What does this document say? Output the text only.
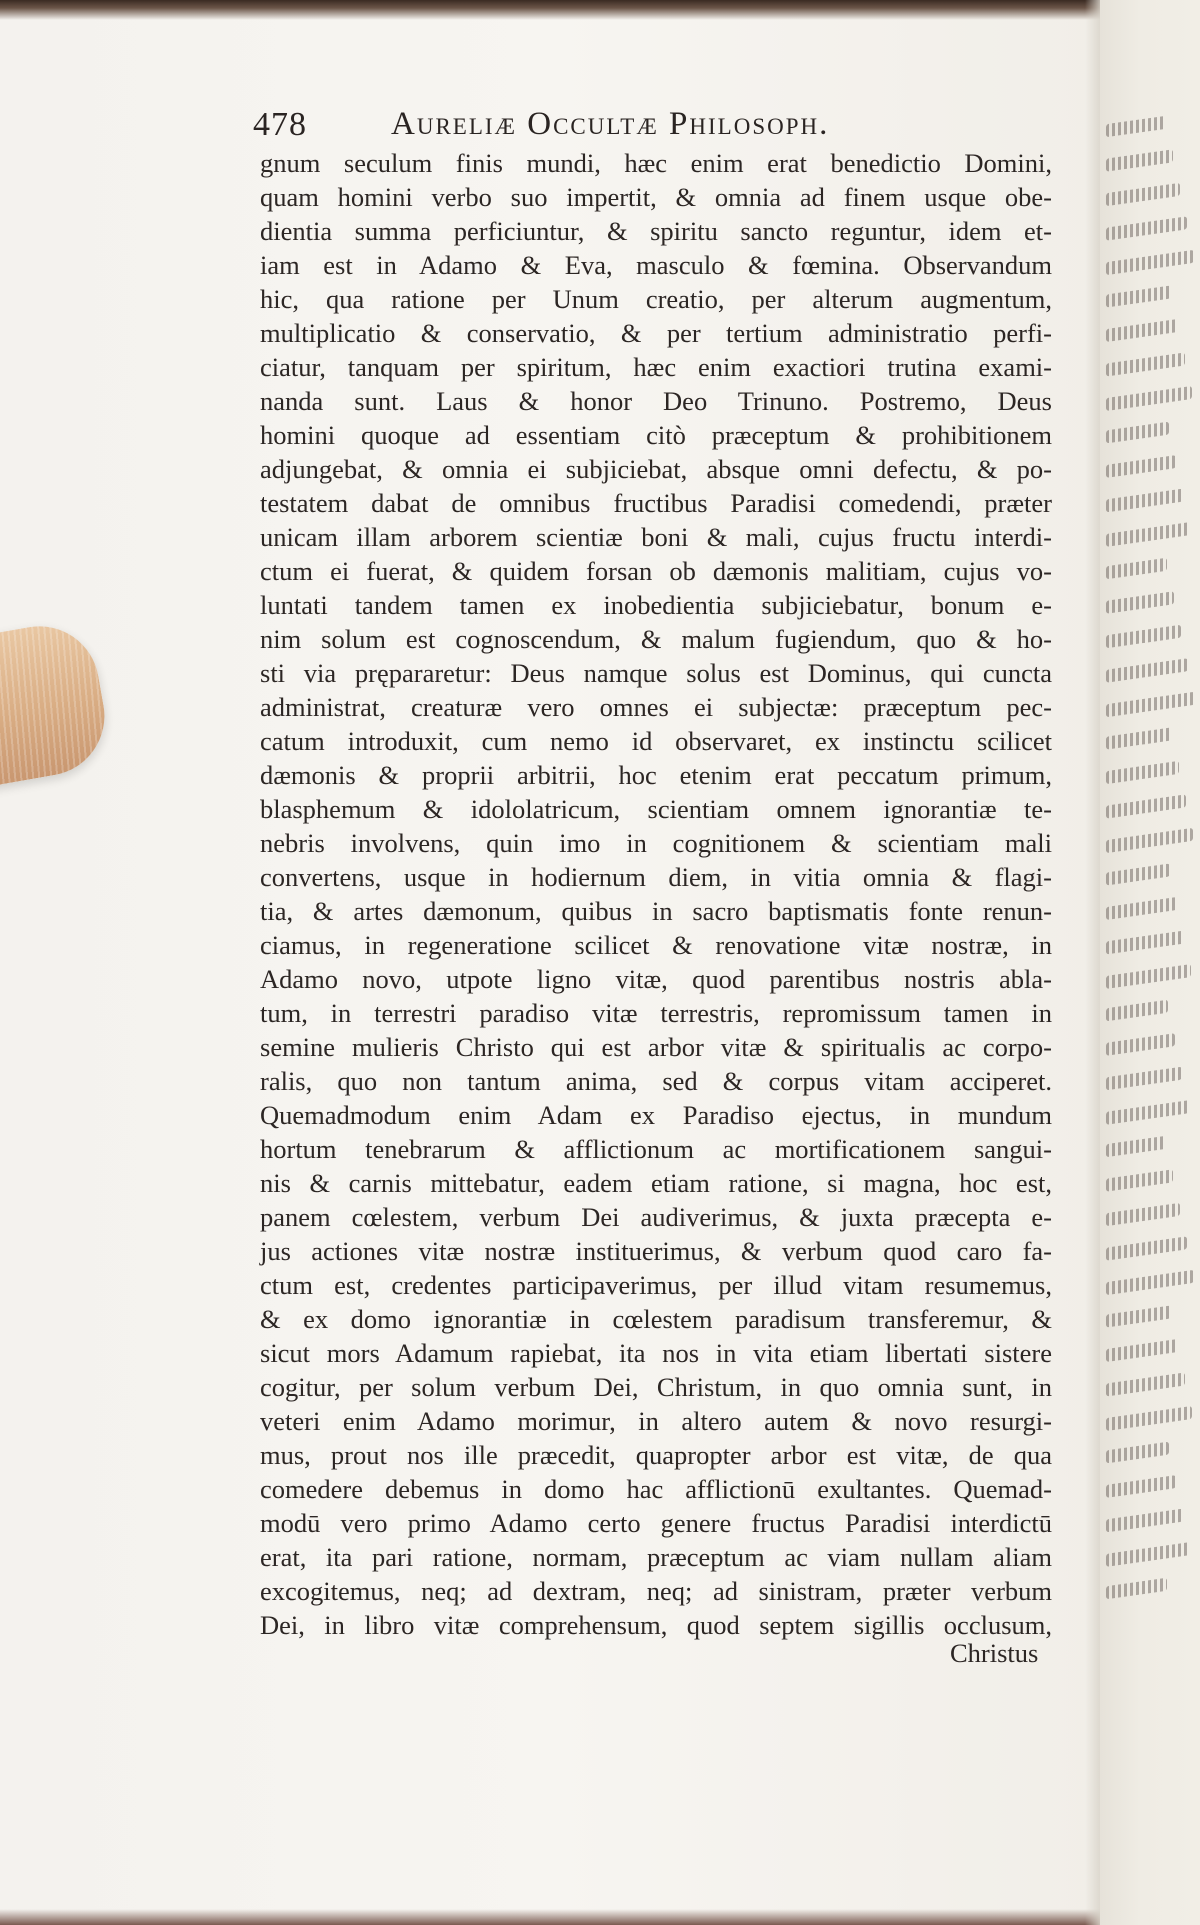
478	Aureliæ Occultæ Philosoph.
gnum seculum finis mundi, hæc enim erat benedictio Domini,
quam homini verbo suo impertit, & omnia ad finem usque obe-
dientia summa perficiuntur, & spiritu sancto reguntur, idem et-
iam est in Adamo & Eva, masculo & fœmina. Observandum
hic, qua ratione per Unum creatio, per alterum augmentum,
multiplicatio & conservatio, & per tertium administratio perfi-
ciatur, tanquam per spiritum, hæc enim exactiori trutina exami-
nanda sunt. Laus & honor Deo Trinuno. Postremo, Deus
homini quoque ad essentiam citò præceptum & prohibitionem
adjungebat, & omnia ei subjiciebat, absque omni defectu, & po-
testatem dabat de omnibus fructibus Paradisi comedendi, præter
unicam illam arborem scientiæ boni & mali, cujus fructu interdi-
ctum ei fuerat, & quidem forsan ob dæmonis malitiam, cujus vo-
luntati tandem tamen ex inobedientia subjiciebatur, bonum e-
nim solum est cognoscendum, & malum fugiendum, quo & ho-
sti via prępararetur: Deus namque solus est Dominus, qui cuncta
administrat, creaturæ vero omnes ei subjectæ: præceptum pec-
catum introduxit, cum nemo id observaret, ex instinctu scilicet
dæmonis & proprii arbitrii, hoc etenim erat peccatum primum,
blasphemum & idololatricum, scientiam omnem ignorantiæ te-
nebris involvens, quin imo in cognitionem & scientiam mali
convertens, usque in hodiernum diem, in vitia omnia & flagi-
tia, & artes dæmonum, quibus in sacro baptismatis fonte renun-
ciamus, in regeneratione scilicet & renovatione vitæ nostræ, in
Adamo novo, utpote ligno vitæ, quod parentibus nostris abla-
tum, in terrestri paradiso vitæ terrestris, repromissum tamen in
semine mulieris Christo qui est arbor vitæ & spiritualis ac corpo-
ralis, quo non tantum anima, sed & corpus vitam acciperet.
Quemadmodum enim Adam ex Paradiso ejectus, in mundum
hortum tenebrarum & afflictionum ac mortificationem sangui-
nis & carnis mittebatur, eadem etiam ratione, si magna, hoc est,
panem cœlestem, verbum Dei audiverimus, & juxta præcepta e-
jus actiones vitæ nostræ instituerimus, & verbum quod caro fa-
ctum est, credentes participaverimus, per illud vitam resumemus,
& ex domo ignorantiæ in cœlestem paradisum transferemur, &
sicut mors Adamum rapiebat, ita nos in vita etiam libertati sistere
cogitur, per solum verbum Dei, Christum, in quo omnia sunt, in
veteri enim Adamo morimur, in altero autem & novo resurgi-
mus, prout nos ille præcedit, quapropter arbor est vitæ, de qua
comedere debemus in domo hac afflictionū exultantes. Quemad-
modū vero primo Adamo certo genere fructus Paradisi interdictū
erat, ita pari ratione, normam, præceptum ac viam nullam aliam
excogitemus, neq; ad dextram, neq; ad sinistram, præter verbum
Dei, in libro vitæ comprehensum, quod septem sigillis occlusum,
Christus
